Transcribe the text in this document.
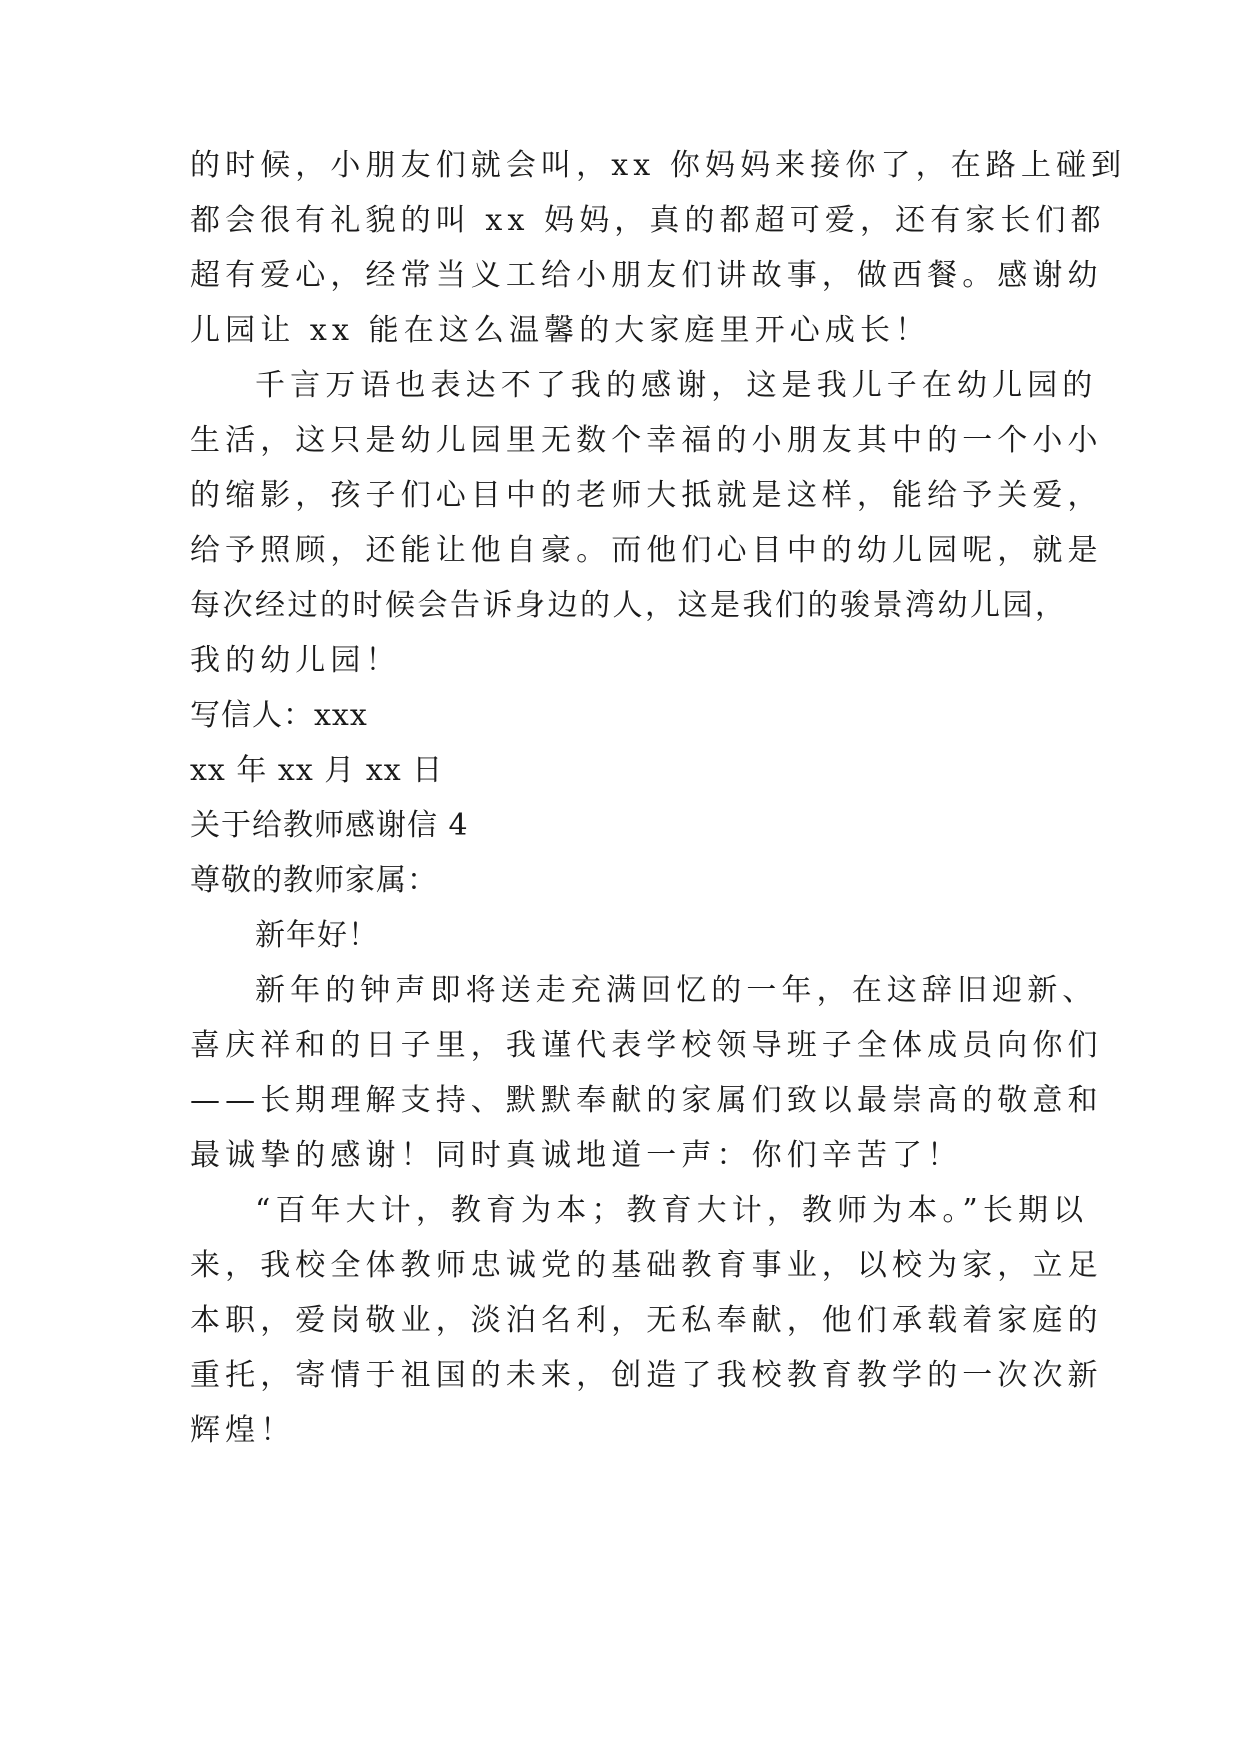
的时候，小朋友们就会叫，xx 你妈妈来接你了，在路上碰到
都会很有礼貌的叫 xx 妈妈，真的都超可爱，还有家长们都
超有爱心，经常当义工给小朋友们讲故事，做西餐。感谢幼
儿园让 xx 能在这么温馨的大家庭里开心成长！
千言万语也表达不了我的感谢，这是我儿子在幼儿园的
生活，这只是幼儿园里无数个幸福的小朋友其中的一个小小
的缩影，孩子们心目中的老师大抵就是这样，能给予关爱，
给予照顾，还能让他自豪。而他们心目中的幼儿园呢，就是
每次经过的时候会告诉身边的人，这是我们的骏景湾幼儿园，
我的幼儿园！
写信人：xxx
xx 年 xx 月 xx 日
关于给教师感谢信 4
尊敬的教师家属：
新年好！
新年的钟声即将送走充满回忆的一年，在这辞旧迎新、
喜庆祥和的日子里，我谨代表学校领导班子全体成员向你们
——长期理解支持、默默奉献的家属们致以最崇高的敬意和
最诚挚的感谢！同时真诚地道一声：你们辛苦了！
“百年大计，教育为本；教育大计，教师为本。”长期以
来，我校全体教师忠诚党的基础教育事业，以校为家，立足
本职，爱岗敬业，淡泊名利，无私奉献，他们承载着家庭的
重托，寄情于祖国的未来，创造了我校教育教学的一次次新
辉煌！
